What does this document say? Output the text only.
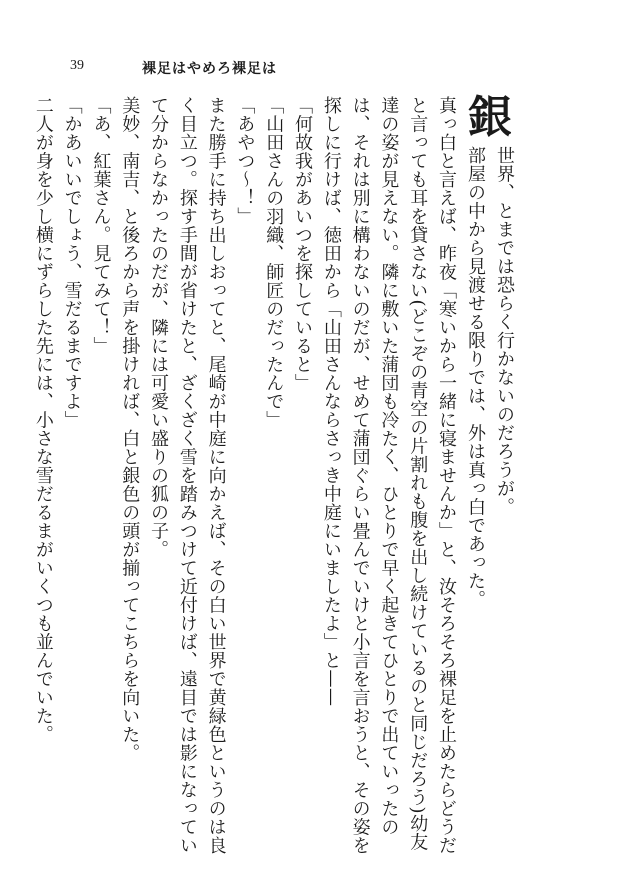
39	裸足はやめろ裸足は
銀
世界、とまでは恐らく行かないのだろうが。
部屋の中から見渡せる限りでは、外は真っ白であった。

真っ白と言えば、昨夜「寒いから一緒に寝ませんか」と、汝そろそろ裸足を止めたらどうだと言っても耳を貸さない(どこぞの青空の片割れも腹を出し続けているのと同じだろう)幼友達の姿が見えない。隣に敷いた蒲団も冷たく、ひとりで早く起きてひとりで出ていったのは、それは別に構わないのだが、せめて蒲団ぐらい畳んでいけと小言を言おうと、その姿を探しに行けば、徳田から「山田さんならさっき中庭にいましたよ」と——

「何故我があいつを探していると」

「山田さんの羽織、師匠のだったんで」

「あやつ〜！」

また勝手に持ち出しおってと、尾崎が中庭に向かえば、その白い世界で黄緑色というのは良く目立つ。探す手間が省けたと、ざくざく雪を踏みつけて近付けば、遠目では影になっていて分からなかったのだが、隣には可愛い盛りの狐の子。

美妙、南吉、と後ろから声を掛ければ、白と銀色の頭が揃ってこちらを向いた。

「あ、紅葉さん。見てみて！」

「かあいいでしょう、雪だるまですよ」

二人が身を少し横にずらした先には、小さな雪だるまがいくつも並んでいた。
